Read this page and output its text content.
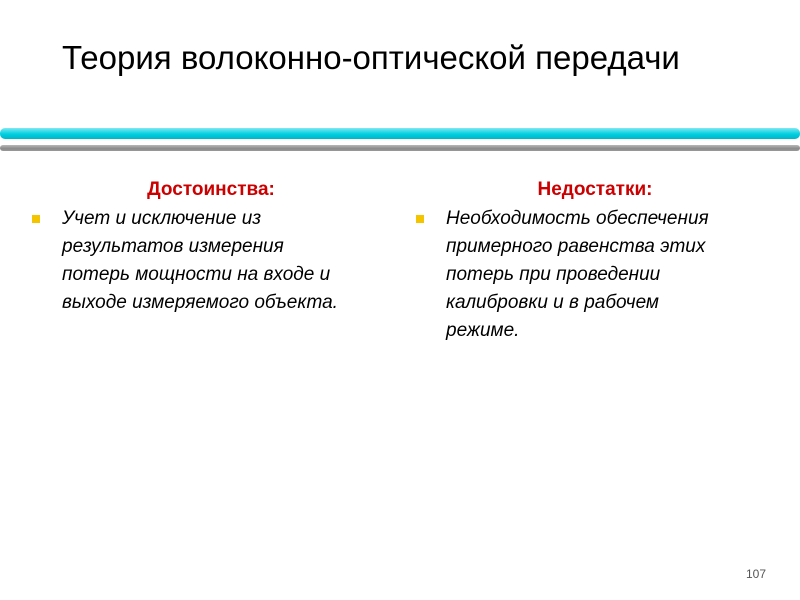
Теория волоконно-оптической передачи
Достоинства:

Учет и исключение из
результатов измерения
потерь мощности на входе и
выходе измеряемого объекта.

Недостатки:

Необходимость обеспечения
примерного равенства этих
потерь при проведении
калибровки и в рабочем
режиме.

107
